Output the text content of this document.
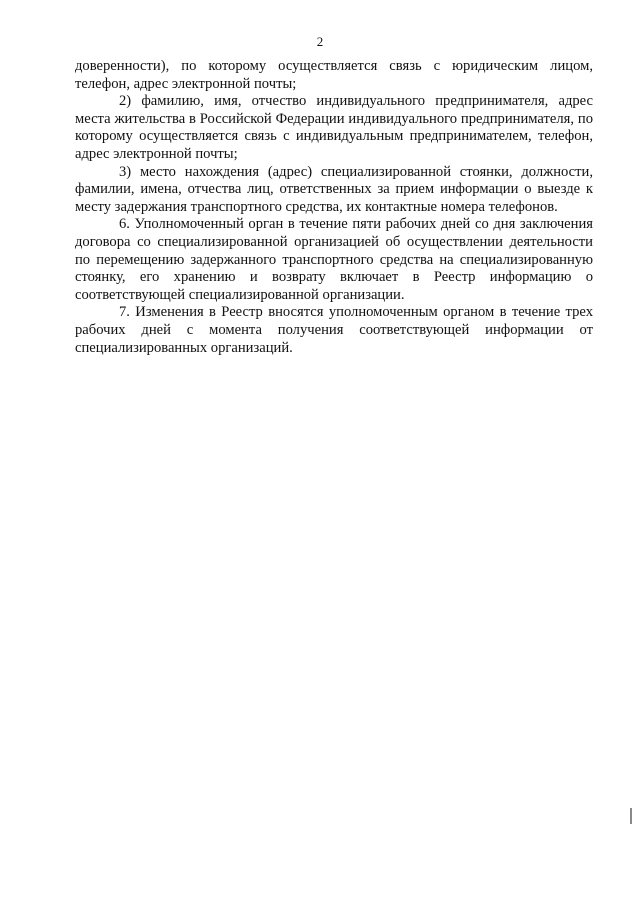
2

доверенности), по которому осуществляется связь с юридическим лицом, телефон, адрес электронной почты;

2) фамилию, имя, отчество индивидуального предпринимателя, адрес места жительства в Российской Федерации индивидуального предпринимателя, по которому осуществляется связь с индивидуальным предпринимателем, телефон, адрес электронной почты;

3) место нахождения (адрес) специализированной стоянки, должности, фамилии, имена, отчества лиц, ответственных за прием информации о выезде к месту задержания транспортного средства, их контактные номера телефонов.

6. Уполномоченный орган в течение пяти рабочих дней со дня заключения договора со специализированной организацией об осуществлении деятельности по перемещению задержанного транспортного средства на специализированную стоянку, его хранению и возврату включает в Реестр информацию о соответствующей специализированной организации.

7. Изменения в Реестр вносятся уполномоченным органом в течение трех рабочих дней с момента получения соответствующей информации от специализированных организаций.
